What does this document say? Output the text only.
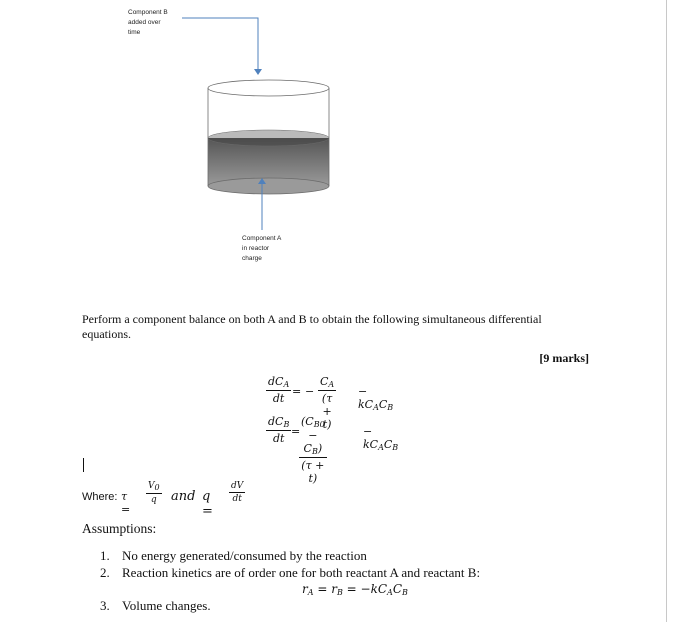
Component B
added over
time
Component A
in reactor
charge
Perform a component balance on both A and B to obtain the following simultaneous differential equations.
[9 marks]
$dC_A$
dt
= −
$C_A$
(τ + t)
− $kC_AC_B$
$dC_B$
dt
=
$(C_{B0} - C_B)$
(τ + t)
− $kC_AC_B$
Where: τ =
$V_0$
q	and q =
dV
dt
Assumptions:
1. No energy generated/consumed by the reaction
2. Reaction kinetics are of order one for both reactant A and reactant B:
$r_A = r_B = -kC_AC_B$
3. Volume changes.
